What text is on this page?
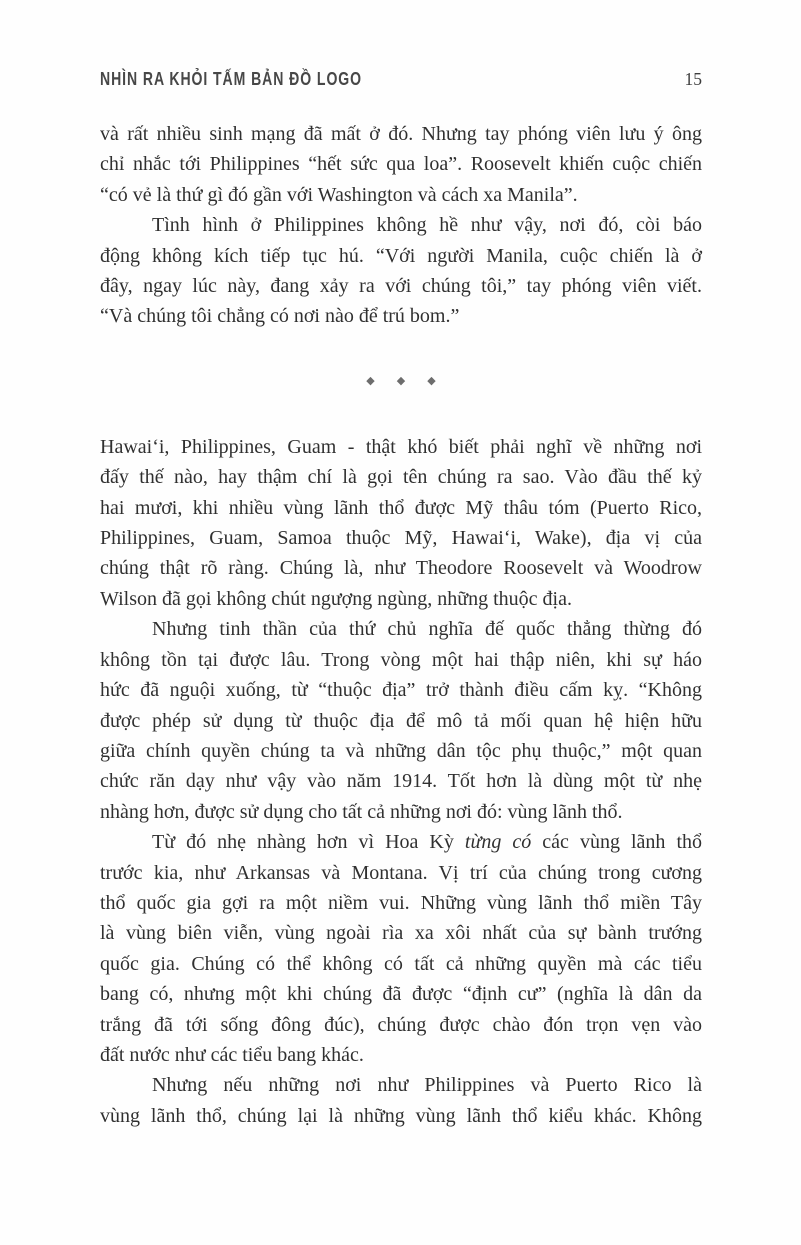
NHÌN RA KHỎI TẤM BẢN ĐỒ LOGO	15
và rất nhiều sinh mạng đã mất ở đó. Nhưng tay phóng viên lưu ý ông
chỉ nhắc tới Philippines “hết sức qua loa”. Roosevelt khiến cuộc chiến
“có vẻ là thứ gì đó gần với Washington và cách xa Manila”.
Tình hình ở Philippines không hề như vậy, nơi đó, còi báo
động không kích tiếp tục hú. “Với người Manila, cuộc chiến là ở
đây, ngay lúc này, đang xảy ra với chúng tôi,” tay phóng viên viết.
“Và chúng tôi chẳng có nơi nào để trú bom.”
◆ ◆ ◆
Hawaiʻi, Philippines, Guam - thật khó biết phải nghĩ về những nơi
đấy thế nào, hay thậm chí là gọi tên chúng ra sao. Vào đầu thế kỷ
hai mươi, khi nhiều vùng lãnh thổ được Mỹ thâu tóm (Puerto Rico,
Philippines, Guam, Samoa thuộc Mỹ, Hawaiʻi, Wake), địa vị của
chúng thật rõ ràng. Chúng là, như Theodore Roosevelt và Woodrow
Wilson đã gọi không chút ngượng ngùng, những thuộc địa.
Nhưng tinh thần của thứ chủ nghĩa đế quốc thẳng thừng đó
không tồn tại được lâu. Trong vòng một hai thập niên, khi sự háo
hức đã nguội xuống, từ “thuộc địa” trở thành điều cấm kỵ. “Không
được phép sử dụng từ thuộc địa để mô tả mối quan hệ hiện hữu
giữa chính quyền chúng ta và những dân tộc phụ thuộc,” một quan
chức răn dạy như vậy vào năm 1914. Tốt hơn là dùng một từ nhẹ
nhàng hơn, được sử dụng cho tất cả những nơi đó: vùng lãnh thổ.
Từ đó nhẹ nhàng hơn vì Hoa Kỳ từng có các vùng lãnh thổ
trước kia, như Arkansas và Montana. Vị trí của chúng trong cương
thổ quốc gia gợi ra một niềm vui. Những vùng lãnh thổ miền Tây
là vùng biên viễn, vùng ngoài rìa xa xôi nhất của sự bành trướng
quốc gia. Chúng có thể không có tất cả những quyền mà các tiểu
bang có, nhưng một khi chúng đã được “định cư” (nghĩa là dân da
trắng đã tới sống đông đúc), chúng được chào đón trọn vẹn vào
đất nước như các tiểu bang khác.
Nhưng nếu những nơi như Philippines và Puerto Rico là
vùng lãnh thổ, chúng lại là những vùng lãnh thổ kiểu khác. Không
